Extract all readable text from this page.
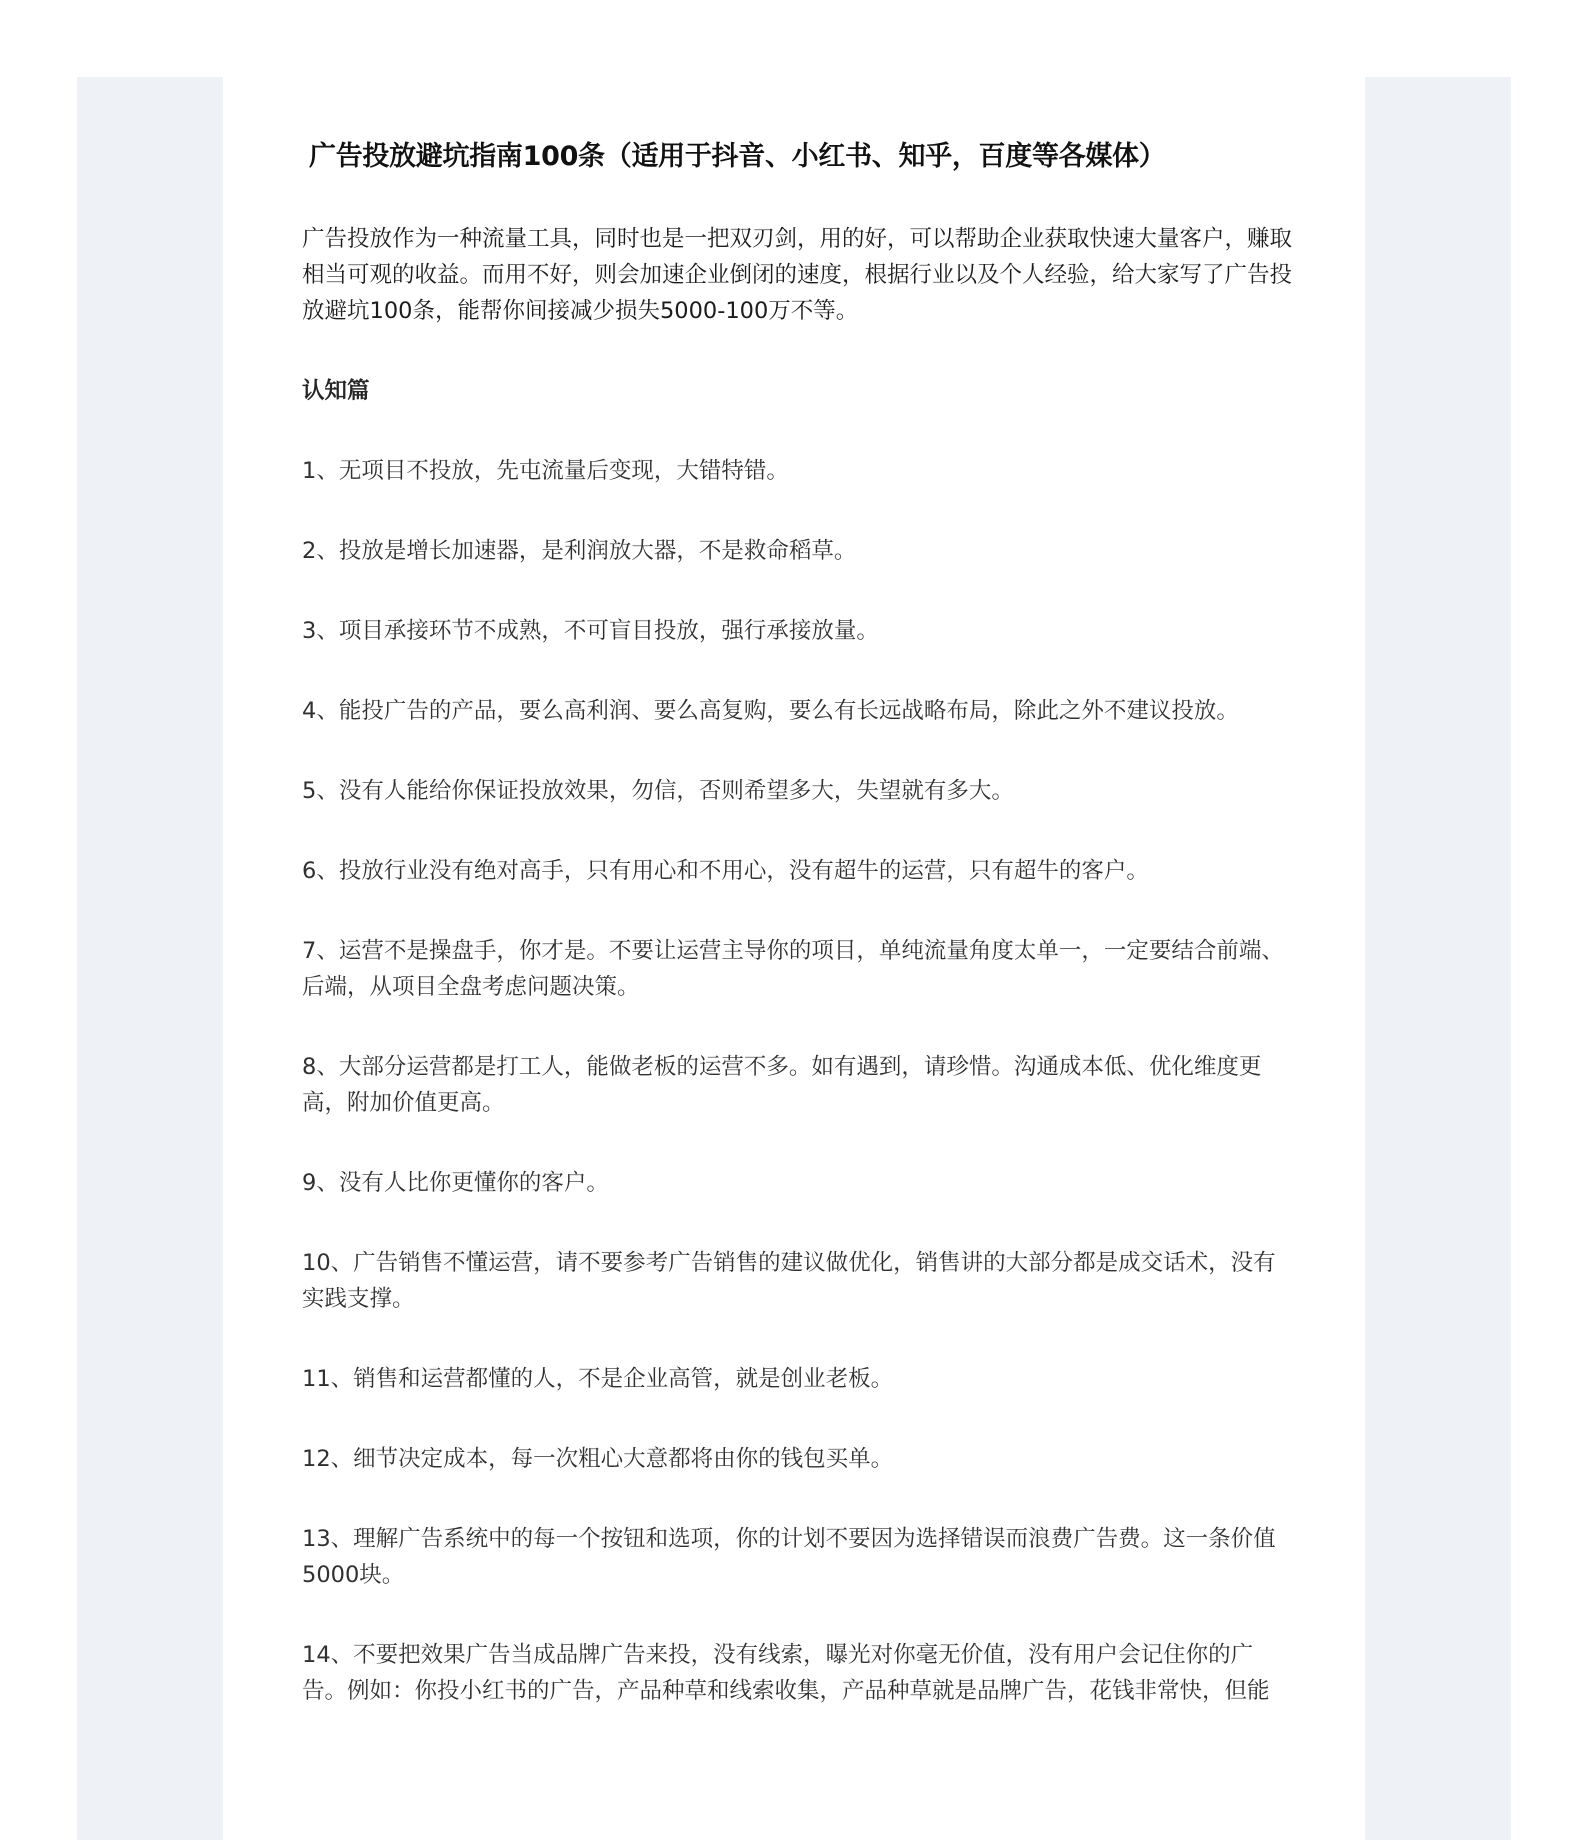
广告投放避坑指南100条（适用于抖音、小红书、知乎，百度等各媒体）

广告投放作为一种流量工具，同时也是一把双刃剑，用的好，可以帮助企业获取快速大量客户，赚取相当可观的收益。而用不好，则会加速企业倒闭的速度，根据行业以及个人经验，给大家写了广告投放避坑100条，能帮你间接减少损失5000-100万不等。

认知篇

1、无项目不投放，先屯流量后变现，大错特错。

2、投放是增长加速器，是利润放大器，不是救命稻草。

3、项目承接环节不成熟，不可盲目投放，强行承接放量。

4、能投广告的产品，要么高利润、要么高复购，要么有长远战略布局，除此之外不建议投放。

5、没有人能给你保证投放效果，勿信，否则希望多大，失望就有多大。

6、投放行业没有绝对高手，只有用心和不用心，没有超牛的运营，只有超牛的客户。

7、运营不是操盘手，你才是。不要让运营主导你的项目，单纯流量角度太单一，一定要结合前端、后端，从项目全盘考虑问题决策。

8、大部分运营都是打工人，能做老板的运营不多。如有遇到，请珍惜。沟通成本低、优化维度更高，附加价值更高。

9、没有人比你更懂你的客户。

10、广告销售不懂运营，请不要参考广告销售的建议做优化，销售讲的大部分都是成交话术，没有实践支撑。

11、销售和运营都懂的人，不是企业高管，就是创业老板。

12、细节决定成本，每一次粗心大意都将由你的钱包买单。

13、理解广告系统中的每一个按钮和选项，你的计划不要因为选择错误而浪费广告费。这一条价值5000块。

14、不要把效果广告当成品牌广告来投，没有线索，曝光对你毫无价值，没有用户会记住你的广告。例如：你投小红书的广告，产品种草和线索收集，产品种草就是品牌广告，花钱非常快，但能
